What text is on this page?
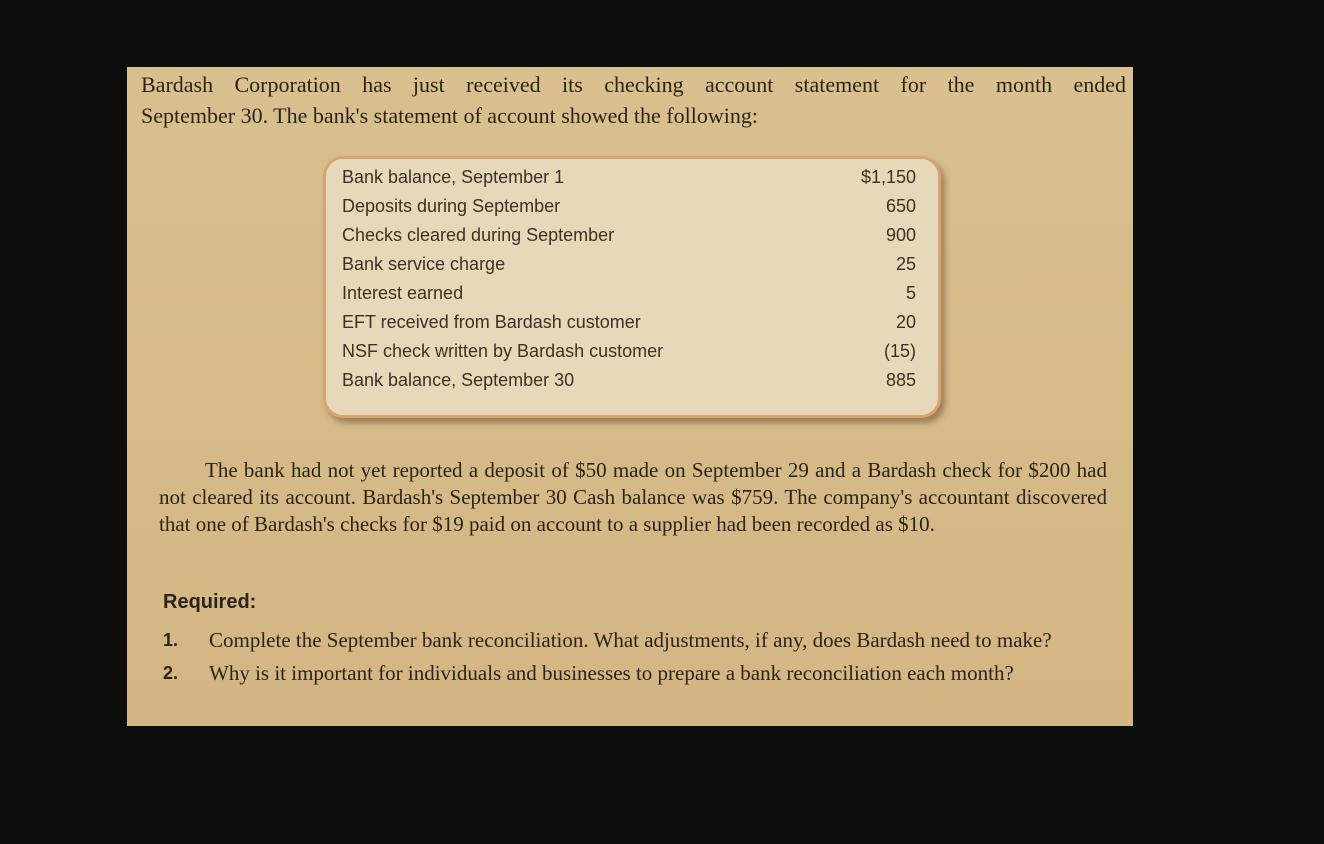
Bardash Corporation has just received its checking account statement for the month ended
September 30. The bank's statement of account showed the following:

Bank balance, September 1	$1,150
Deposits during September	650
Checks cleared during September	900
Bank service charge	25
Interest earned	5
EFT received from Bardash customer	20
NSF check written by Bardash customer	(15)
Bank balance, September 30	885

The bank had not yet reported a deposit of $50 made on September 29 and a Bardash check for $200 had not cleared its account. Bardash's September 30 Cash balance was $759. The company's accountant discovered that one of Bardash's checks for $19 paid on account to a supplier had been recorded as $10.

Required:

1. Complete the September bank reconciliation. What adjustments, if any, does Bardash need to make?
2. Why is it important for individuals and businesses to prepare a bank reconciliation each month?
